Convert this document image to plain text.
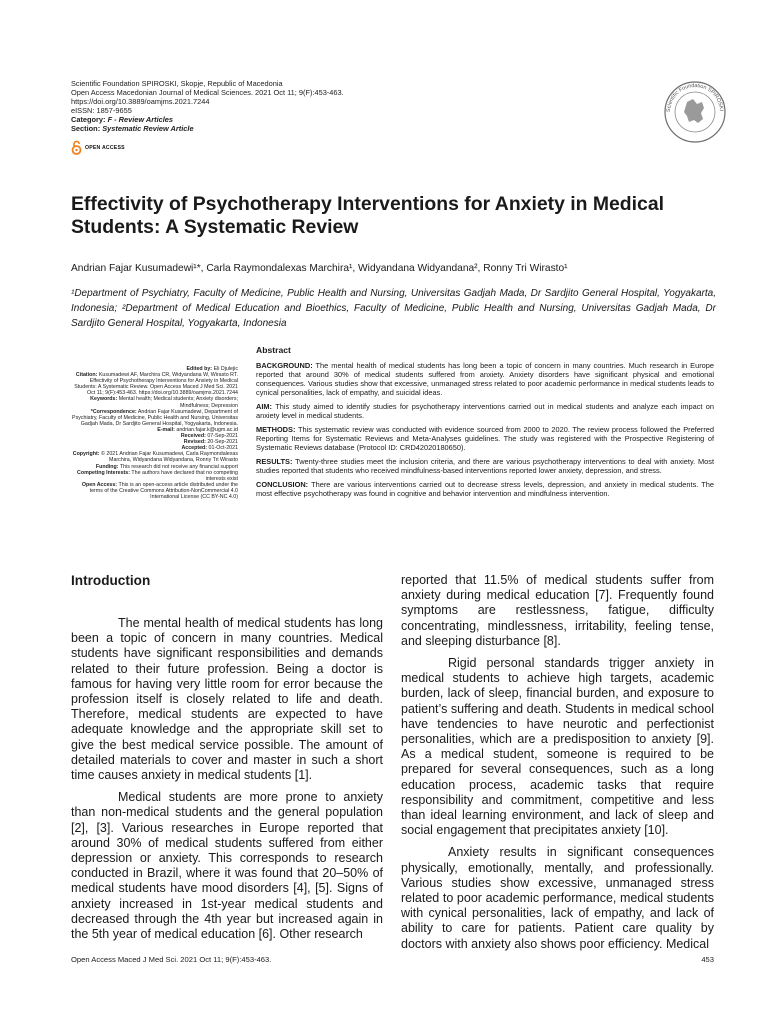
Scientific Foundation SPIROSKI, Skopje, Republic of Macedonia
Open Access Macedonian Journal of Medical Sciences. 2021 Oct 11; 9(F):453-463.
https://doi.org/10.3889/oamjms.2021.7244
eISSN: 1857-9655
Category: F - Review Articles
Section: Systematic Review Article
OPEN ACCESS
Scientific Foundation SPIROSKI
Effectivity of Psychotherapy Interventions for Anxiety in Medical Students: A Systematic Review
Andrian Fajar Kusumadewi¹*, Carla Raymondalexas Marchira¹, Widyandana Widyandana², Ronny Tri Wirasto¹
¹Department of Psychiatry, Faculty of Medicine, Public Health and Nursing, Universitas Gadjah Mada, Dr Sardjito General Hospital, Yogyakarta, Indonesia; ²Department of Medical Education and Bioethics, Faculty of Medicine, Public Health and Nursing, Universitas Gadjah Mada, Dr Sardjito General Hospital, Yogyakarta, Indonesia

Edited by: Eli Djulejic

Citation: Kusumadewi AF, Marchira CR, Widyandana W, Wirasto RT. Effectivity of Psychotherapy Interventions for Anxiety in Medical Students: A Systematic Review. Open Access Maced J Med Sci. 2021 Oct 11; 9(F):453-463. https://doi.org/10.3889/oamjms.2021.7244

Keywords: Mental health; Medical students; Anxiety disorders; Mindfulness; Depression

*Correspondence: Andrian Fajar Kusumadewi, Department of Psychiatry, Faculty of Medicine, Public Health and Nursing, Universitas Gadjah Mada, Dr Sardjito General Hospital, Yogyakarta, Indonesia.

E-mail: andrian.fajar.k@ugm.ac.id

Received: 07-Sep-2021

Revised: 20-Sep-2021

Accepted: 01-Oct-2021

Copyright: © 2021 Andrian Fajar Kusumadewi, Carla Raymondalexas Marchira, Widyandana Widyandana, Ronny Tri Wirasto

Funding: This research did not receive any financial support

Competing Interests: The authors have declared that no competing interests exist

Open Access: This is an open-access article distributed under the terms of the Creative Commons Attribution-NonCommercial 4.0 International License (CC BY-NC 4.0)

Abstract

BACKGROUND: The mental health of medical students has long been a topic of concern in many countries. Much research in Europe reported that around 30% of medical students suffered from anxiety. Anxiety disorders have significant physical and emotional consequences. Various studies show that excessive, unmanaged stress related to poor academic performance in medical students leads to cynical personalities, lack of empathy, and suicidal ideas.

AIM: This study aimed to identify studies for psychotherapy interventions carried out in medical students and analyze each impact on anxiety level in medical students.

METHODS: This systematic review was conducted with evidence sourced from 2000 to 2020. The review process followed the Preferred Reporting Items for Systematic Reviews and Meta-Analyses guidelines. The study was registered with the Prospective Registering of Systematic Reviews database (Protocol ID: CRD42020180650).

RESULTS: Twenty-three studies meet the inclusion criteria, and there are various psychotherapy interventions to deal with anxiety. Most studies reported that students who received mindfulness-based interventions reported lower anxiety, depression, and stress.

CONCLUSION: There are various interventions carried out to decrease stress levels, depression, and anxiety in medical students. The most effective psychotherapy was found in cognitive and behavior intervention and mindfulness intervention.

Introduction

The mental health of medical students has long been a topic of concern in many countries. Medical students have significant responsibilities and demands related to their future profession. Being a doctor is famous for having very little room for error because the profession itself is closely related to life and death. Therefore, medical students are expected to have adequate knowledge and the appropriate skill set to give the best medical service possible. The amount of detailed materials to cover and master in such a short time causes anxiety in medical students [1].

Medical students are more prone to anxiety than non-medical students and the general population [2], [3]. Various researches in Europe reported that around 30% of medical students suffered from either depression or anxiety. This corresponds to research conducted in Brazil, where it was found that 20–50% of medical students have mood disorders [4], [5]. Signs of anxiety increased in 1st-year medical students and decreased through the 4th year but increased again in the 5th year of medical education [6]. Other research

reported that 11.5% of medical students suffer from anxiety during medical education [7]. Frequently found symptoms are restlessness, fatigue, difficulty concentrating, mindlessness, irritability, feeling tense, and sleeping disturbance [8].

Rigid personal standards trigger anxiety in medical students to achieve high targets, academic burden, lack of sleep, financial burden, and exposure to patient’s suffering and death. Students in medical school have tendencies to have neurotic and perfectionist personalities, which are a predisposition to anxiety [9]. As a medical student, someone is required to be prepared for several consequences, such as a long education process, academic tasks that require responsibility and commitment, competitive and less than ideal learning environment, and lack of sleep and social engagement that precipitates anxiety [10].

Anxiety results in significant consequences physically, emotionally, mentally, and professionally. Various studies show excessive, unmanaged stress related to poor academic performance, medical students with cynical personalities, lack of empathy, and lack of ability to care for patients. Patient care quality by doctors with anxiety also shows poor efficiency. Medical

Open Access Maced J Med Sci. 2021 Oct 11; 9(F):453-463.	453
